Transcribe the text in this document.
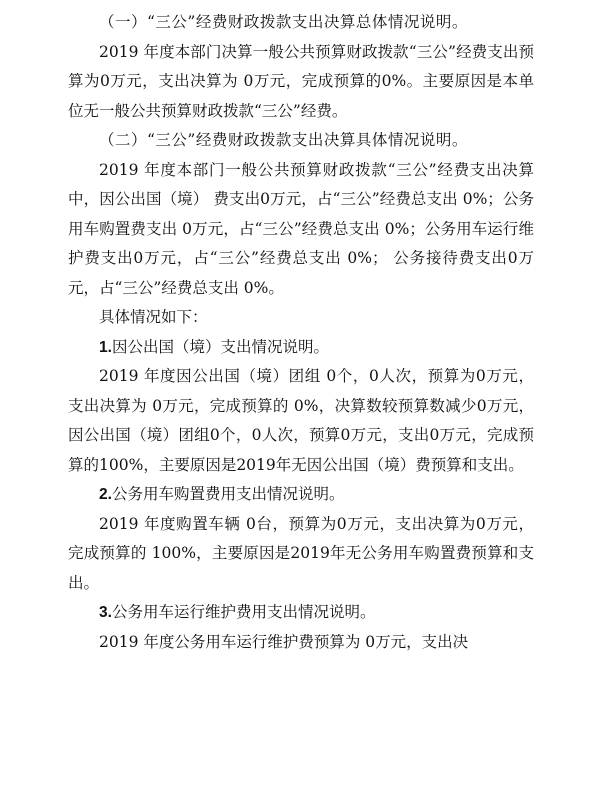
（一）“三公”经费财政拨款支出决算总体情况说明。

2019 年度本部门决算一般公共预算财政拨款“三公”经费支出预算为0万元，支出决算为 0万元，完成预算的0%。主要原因是本单位无一般公共预算财政拨款“三公”经费。

（二）“三公”经费财政拨款支出决算具体情况说明。

2019 年度本部门一般公共预算财政拨款“三公”经费支出决算中，因公出国（境） 费支出0万元，占“三公”经费总支出 0%；公务用车购置费支出 0万元，占“三公”经费总支出 0%；公务用车运行维护费支出0万元，占“三公”经费总支出 0%； 公务接待费支出0万元，占“三公”经费总支出 0%。

具体情况如下：

1.因公出国（境）支出情况说明。

2019 年度因公出国（境）团组 0个，0人次，预算为0万元，支出决算为 0万元，完成预算的 0%，决算数较预算数减少0万元，因公出国（境）团组0个，0人次，预算0万元，支出0万元，完成预算的100%，主要原因是2019年无因公出国（境）费预算和支出。

2.公务用车购置费用支出情况说明。

2019 年度购置车辆 0台，预算为0万元，支出决算为0万元， 完成预算的 100%，主要原因是2019年无公务用车购置费预算和支出。

3.公务用车运行维护费用支出情况说明。

2019 年度公务用车运行维护费预算为 0万元，支出决
